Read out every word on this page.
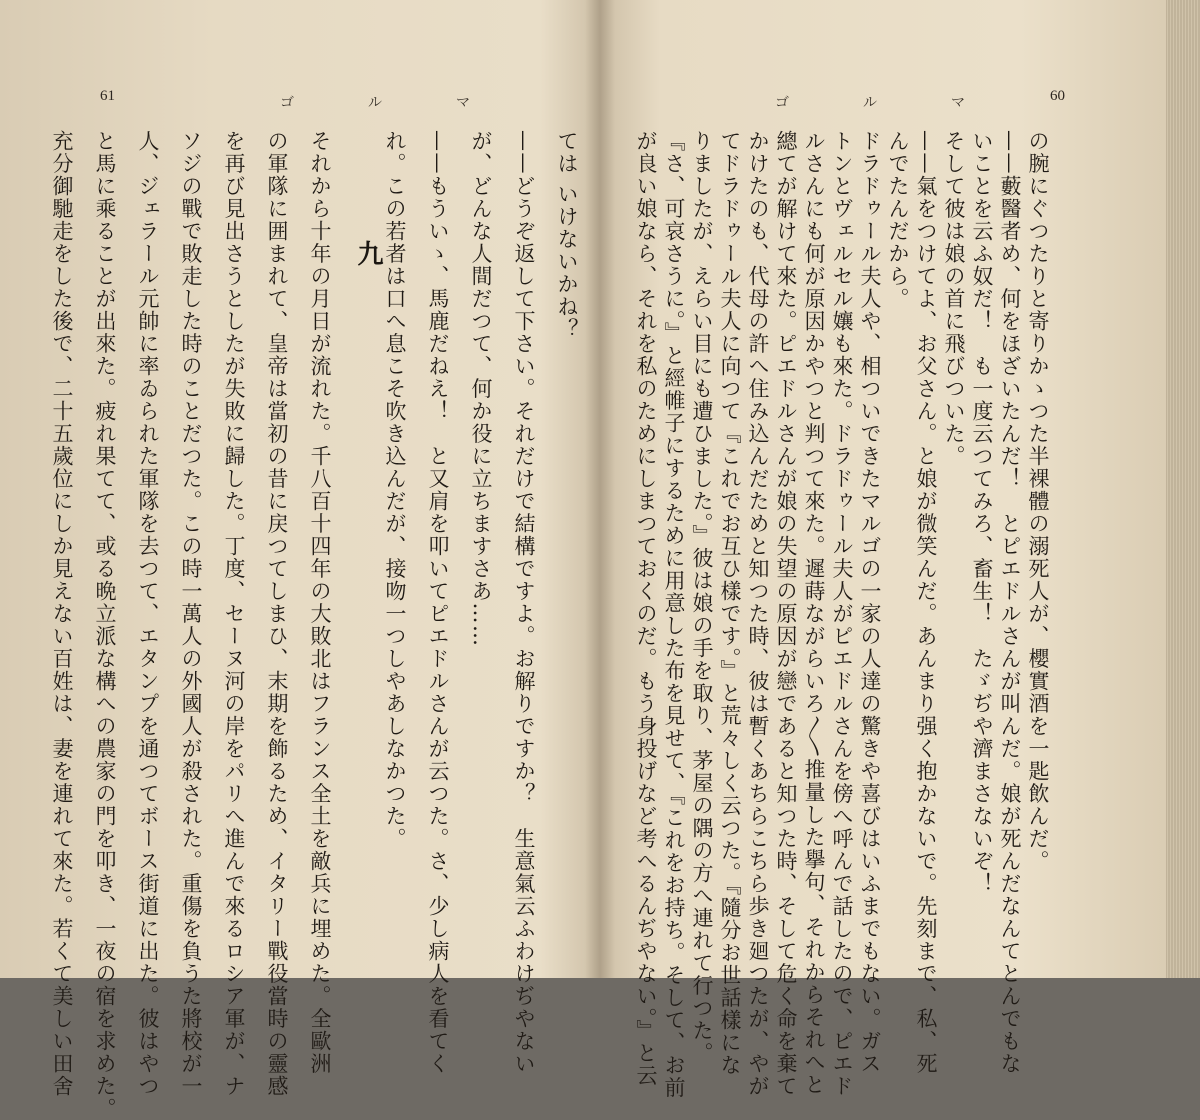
61	ゴ　ル　マ
ては いけないかね？
——どうぞ返して下さい。それだけで結構ですよ。お解りですか？　生意氣云ふわけぢやない
が、どんな人間だつて、何か役に立ちますさあ……
——もういゝ、馬鹿だねえ！　と又肩を叩いてピエドルさんが云つた。さ、少し病人を看てく
れ。この若者は口へ息こそ吹き込んだが、接吻一つしやあしなかつた。
九
それから十年の月日が流れた。千八百十四年の大敗北はフランス全土を敵兵に埋めた。全歐洲
の軍隊に囲まれて、皇帝は當初の昔に戻つてしまひ、末期を飾るため、イタリー戰役當時の靈感
を再び見出さうとしたが失敗に歸した。丁度、セーヌ河の岸をパリへ進んで來るロシア軍が、ナ
ソジの戰で敗走した時のことだつた。この時一萬人の外國人が殺された。重傷を負うた將校が一
人、ジェラール元帥に率ゐられた軍隊を去つて、エタンプを通つてボース街道に出た。彼はやつ
と馬に乘ることが出來た。疲れ果てて、或る晩立派な構への農家の門を叩き、一夜の宿を求めた。
充分御馳走をした後で、二十五歲位にしか見えない百姓は、妻を連れて來た。若くて美しい田舍
60
ゴ　ル　マ
の腕にぐつたりと寄りかゝつた半裸體の溺死人が、櫻實酒を一匙飲んだ。
——藪醫者め、何をほざいたんだ！　とピエドルさんが叫んだ。娘が死んだなんてとんでもな
いことを云ふ奴だ！　も一度云つてみろ、畜生！　たゞぢや濟まさないぞ！
そして彼は娘の首に飛びついた。
——氣をつけてよ、お父さん。と娘が微笑んだ。あんまり强く抱かないで。先刻まで、私、死
んでたんだから。
ドラドゥール夫人や、相ついできたマルゴの一家の人達の驚きや喜びはいふまでもない。ガス
トンとヴェルセル孃も來た。ドラドゥール夫人がピエドルさんを傍へ呼んで話したので、ピエド
ルさんにも何が原因かやつと判つて來た。遲蒔ながらいろ〳〵推量した擧句、それからそれへと
總てが解けて來た。ピエドルさんが娘の失望の原因が戀であると知つた時、そして危く命を棄て
かけたのも、代母の許へ住み込んだためと知つた時、彼は暫くあちらこちら歩き廻つたが、やが
てドラドゥール夫人に向つて『これでお互ひ樣です。』と荒々しく云つた。『隨分お世話樣にな
りましたが、えらい目にも遭ひました。』彼は娘の手を取り、茅屋の隅の方へ連れて行つた。
『さ、可哀さうに。』と經帷子にするために用意した布を見せて、『これをお持ち。そして、お前
が良い娘なら、それを私のためにしまつておくのだ。もう身投げなど考へるんぢやない。』と云
